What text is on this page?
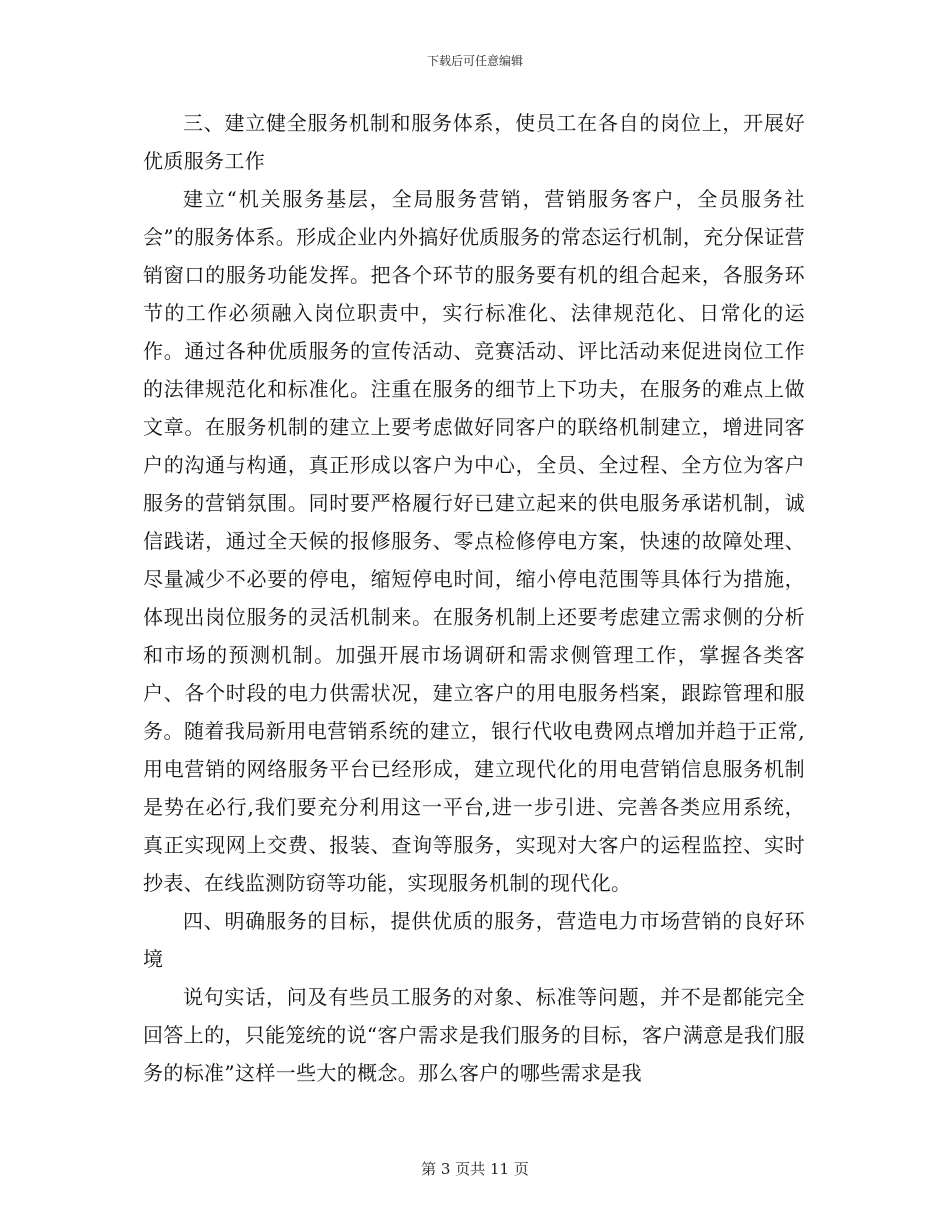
下载后可任意编辑

三、建立健全服务机制和服务体系，使员工在各自的岗位上，开展好优质服务工作

建立“机关服务基层，全局服务营销，营销服务客户，全员服务社会”的服务体系。形成企业内外搞好优质服务的常态运行机制，充分保证营销窗口的服务功能发挥。把各个环节的服务要有机的组合起来，各服务环节的工作必须融入岗位职责中，实行标准化、法律规范化、日常化的运作。通过各种优质服务的宣传活动、竞赛活动、评比活动来促进岗位工作的法律规范化和标准化。注重在服务的细节上下功夫，在服务的难点上做文章。在服务机制的建立上要考虑做好同客户的联络机制建立，增进同客户的沟通与构通，真正形成以客户为中心，全员、全过程、全方位为客户服务的营销氛围。同时要严格履行好已建立起来的供电服务承诺机制，诚信践诺，通过全天候的报修服务、零点检修停电方案，快速的故障处理、尽量减少不必要的停电，缩短停电时间，缩小停电范围等具体行为措施，体现出岗位服务的灵活机制来。在服务机制上还要考虑建立需求侧的分析和市场的预测机制。加强开展市场调研和需求侧管理工作，掌握各类客户、各个时段的电力供需状况，建立客户的用电服务档案，跟踪管理和服务。随着我局新用电营销系统的建立，银行代收电费网点增加并趋于正常,用电营销的网络服务平台已经形成，建立现代化的用电营销信息服务机制是势在必行,我们要充分利用这一平台,进一步引进、完善各类应用系统，真正实现网上交费、报装、查询等服务，实现对大客户的运程监控、实时抄表、在线监测防窃等功能，实现服务机制的现代化。

四、明确服务的目标，提供优质的服务，营造电力市场营销的良好环境

说句实话，问及有些员工服务的对象、标准等问题，并不是都能完全回答上的，只能笼统的说“客户需求是我们服务的目标，客户满意是我们服务的标准”这样一些大的概念。那么客户的哪些需求是我

第 3 页共 11 页
